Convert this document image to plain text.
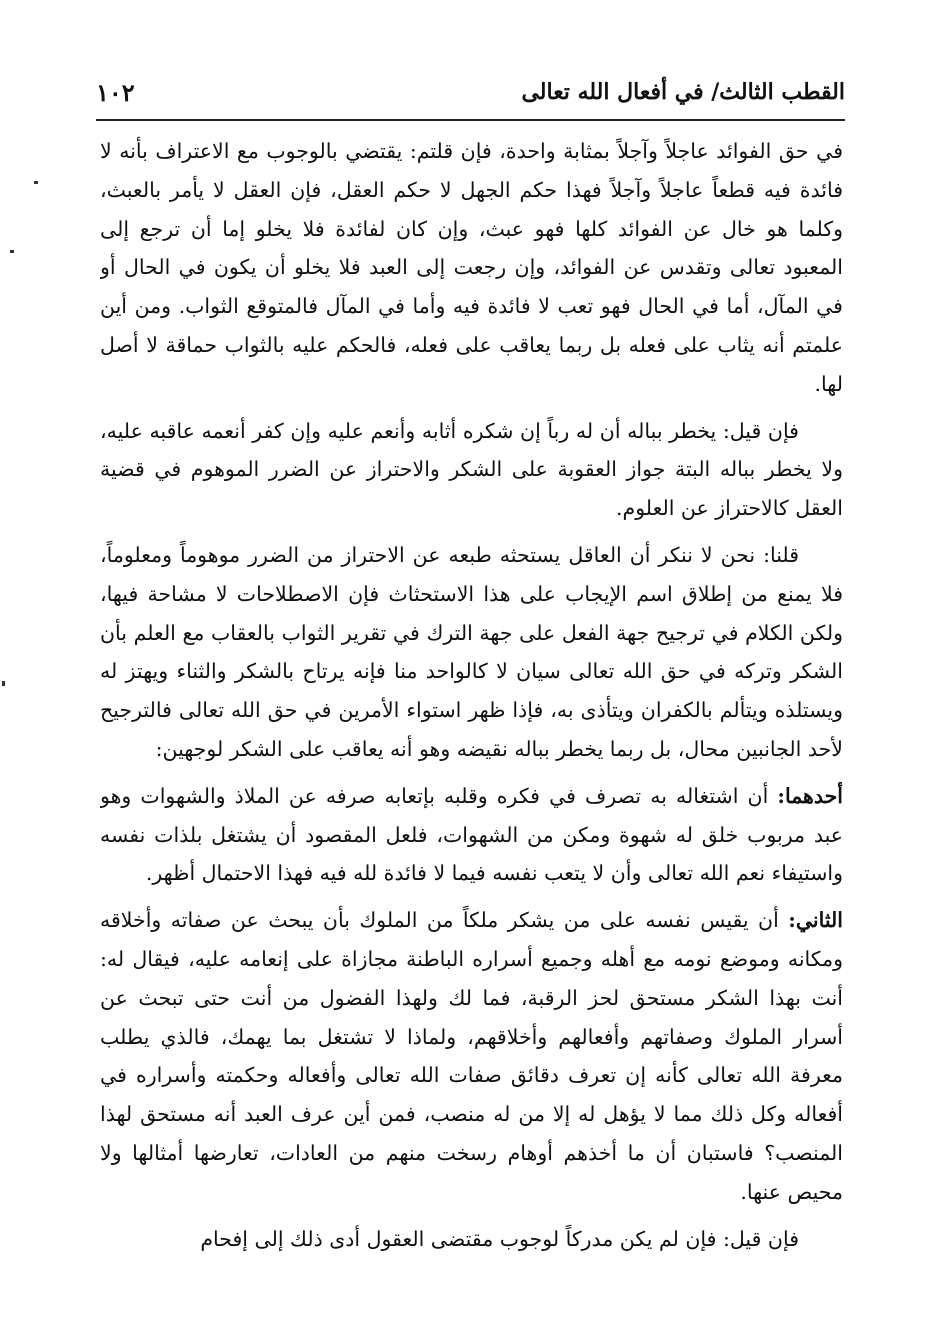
القطب الثالث/ في أفعال الله تعالى
١٠٢

في حق الفوائد عاجلاً وآجلاً بمثابة واحدة، فإن قلتم: يقتضي بالوجوب مع الاعتراف بأنه لا فائدة فيه قطعاً عاجلاً وآجلاً فهذا حكم الجهل لا حكم العقل، فإن العقل لا يأمر بالعبث، وكلما هو خال عن الفوائد كلها فهو عبث، وإن كان لفائدة فلا يخلو إما أن ترجع إلى المعبود تعالى وتقدس عن الفوائد، وإن رجعت إلى العبد فلا يخلو أن يكون في الحال أو في المآل، أما في الحال فهو تعب لا فائدة فيه وأما في المآل فالمتوقع الثواب. ومن أين علمتم أنه يثاب على فعله بل ربما يعاقب على فعله، فالحكم عليه بالثواب حماقة لا أصل لها.

فإن قيل: يخطر بباله أن له رباً إن شكره أثابه وأنعم عليه وإن كفر أنعمه عاقبه عليه، ولا يخطر بباله البتة جواز العقوبة على الشكر والاحتراز عن الضرر الموهوم في قضية العقل كالاحتراز عن العلوم.

قلنا: نحن لا ننكر أن العاقل يستحثه طبعه عن الاحتراز من الضرر موهوماً ومعلوماً، فلا يمنع من إطلاق اسم الإيجاب على هذا الاستحثاث فإن الاصطلاحات لا مشاحة فيها، ولكن الكلام في ترجيح جهة الفعل على جهة الترك في تقرير الثواب بالعقاب مع العلم بأن الشكر وتركه في حق الله تعالى سيان لا كالواحد منا فإنه يرتاح بالشكر والثناء ويهتز له ويستلذه ويتألم بالكفران ويتأذى به، فإذا ظهر استواء الأمرين في حق الله تعالى فالترجيح لأحد الجانبين محال، بل ربما يخطر بباله نقيضه وهو أنه يعاقب على الشكر لوجهين:

أحدهما: أن اشتغاله به تصرف في فكره وقلبه بإتعابه صرفه عن الملاذ والشهوات وهو عبد مربوب خلق له شهوة ومكن من الشهوات، فلعل المقصود أن يشتغل بلذات نفسه واستيفاء نعم الله تعالى وأن لا يتعب نفسه فيما لا فائدة لله فيه فهذا الاحتمال أظهر.

الثاني: أن يقيس نفسه على من يشكر ملكاً من الملوك بأن يبحث عن صفاته وأخلاقه ومكانه وموضع نومه مع أهله وجميع أسراره الباطنة مجازاة على إنعامه عليه، فيقال له: أنت بهذا الشكر مستحق لحز الرقبة، فما لك ولهذا الفضول من أنت حتى تبحث عن أسرار الملوك وصفاتهم وأفعالهم وأخلاقهم، ولماذا لا تشتغل بما يهمك، فالذي يطلب معرفة الله تعالى كأنه إن تعرف دقائق صفات الله تعالى وأفعاله وحكمته وأسراره في أفعاله وكل ذلك مما لا يؤهل له إلا من له منصب، فمن أين عرف العبد أنه مستحق لهذا المنصب؟ فاستبان أن ما أخذهم أوهام رسخت منهم من العادات، تعارضها أمثالها ولا محيص عنها.

فإن قيل: فإن لم يكن مدركاً لوجوب مقتضى العقول أدى ذلك إلى إفحام
